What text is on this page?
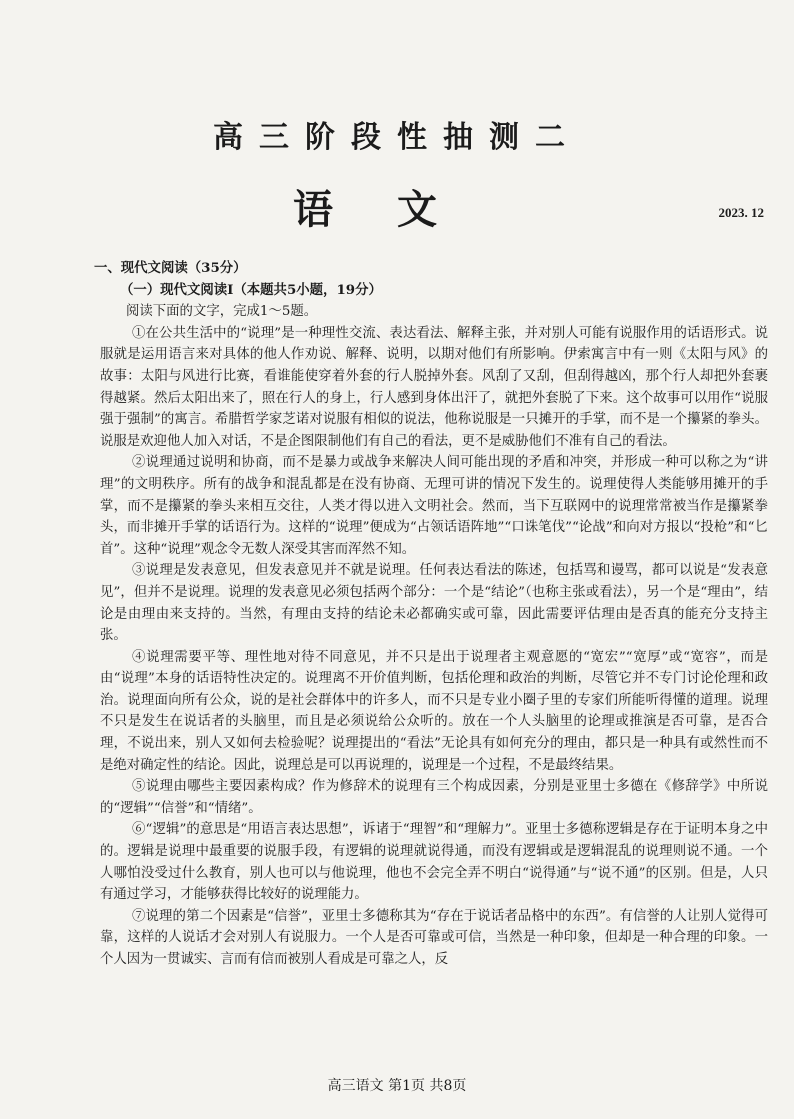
高三阶段性抽测二
语文	2023. 12
一、现代文阅读（35分）
（一）现代文阅读Ⅰ（本题共5小题，19分）
阅读下面的文字，完成1～5题。

①在公共生活中的“说理”是一种理性交流、表达看法、解释主张，并对别人可能有说服作用的话语形式。说服就是运用语言来对具体的他人作劝说、解释、说明，以期对他们有所影响。伊索寓言中有一则《太阳与风》的故事：太阳与风进行比赛，看谁能使穿着外套的行人脱掉外套。风刮了又刮，但刮得越凶，那个行人却把外套裹得越紧。然后太阳出来了，照在行人的身上，行人感到身体出汗了，就把外套脱了下来。这个故事可以用作“说服强于强制”的寓言。希腊哲学家芝诺对说服有相似的说法，他称说服是一只摊开的手掌，而不是一个攥紧的拳头。说服是欢迎他人加入对话，不是企图限制他们有自己的看法，更不是威胁他们不准有自己的看法。

②说理通过说明和协商，而不是暴力或战争来解决人间可能出现的矛盾和冲突，并形成一种可以称之为“讲理”的文明秩序。所有的战争和混乱都是在没有协商、无理可讲的情况下发生的。说理使得人类能够用摊开的手掌，而不是攥紧的拳头来相互交往，人类才得以进入文明社会。然而，当下互联网中的说理常常被当作是攥紧拳头，而非摊开手掌的话语行为。这样的“说理”便成为“占领话语阵地”“口诛笔伐”“论战”和向对方报以“投枪”和“匕首”。这种“说理”观念令无数人深受其害而浑然不知。

③说理是发表意见，但发表意见并不就是说理。任何表达看法的陈述，包括骂和谩骂，都可以说是“发表意见”，但并不是说理。说理的发表意见必须包括两个部分：一个是“结论”（也称主张或看法），另一个是“理由”，结论是由理由来支持的。当然，有理由支持的结论未必都确实或可靠，因此需要评估理由是否真的能充分支持主张。

④说理需要平等、理性地对待不同意见，并不只是出于说理者主观意愿的“宽宏”“宽厚”或“宽容”，而是由“说理”本身的话语特性决定的。说理离不开价值判断，包括伦理和政治的判断，尽管它并不专门讨论伦理和政治。说理面向所有公众，说的是社会群体中的许多人，而不只是专业小圈子里的专家们所能听得懂的道理。说理不只是发生在说话者的头脑里，而且是必须说给公众听的。放在一个人头脑里的论理或推演是否可靠，是否合理，不说出来，别人又如何去检验呢？说理提出的“看法”无论具有如何充分的理由，都只是一种具有或然性而不是绝对确定性的结论。因此，说理总是可以再说理的，说理是一个过程，不是最终结果。

⑤说理由哪些主要因素构成？作为修辞术的说理有三个构成因素，分别是亚里士多德在《修辞学》中所说的“逻辑”“信誉”和“情绪”。

⑥“逻辑”的意思是“用语言表达思想”，诉诸于“理智”和“理解力”。亚里士多德称逻辑是存在于证明本身之中的。逻辑是说理中最重要的说服手段，有逻辑的说理就说得通，而没有逻辑或是逻辑混乱的说理则说不通。一个人哪怕没受过什么教育，别人也可以与他说理，他也不会完全弄不明白“说得通”与“说不通”的区别。但是，人只有通过学习，才能够获得比较好的说理能力。

⑦说理的第二个因素是“信誉”，亚里士多德称其为“存在于说话者品格中的东西”。有信誉的人让别人觉得可靠，这样的人说话才会对别人有说服力。一个人是否可靠或可信，当然是一种印象，但却是一种合理的印象。一个人因为一贯诚实、言而有信而被别人看成是可靠之人，反

高三语文 第1页 共8页
